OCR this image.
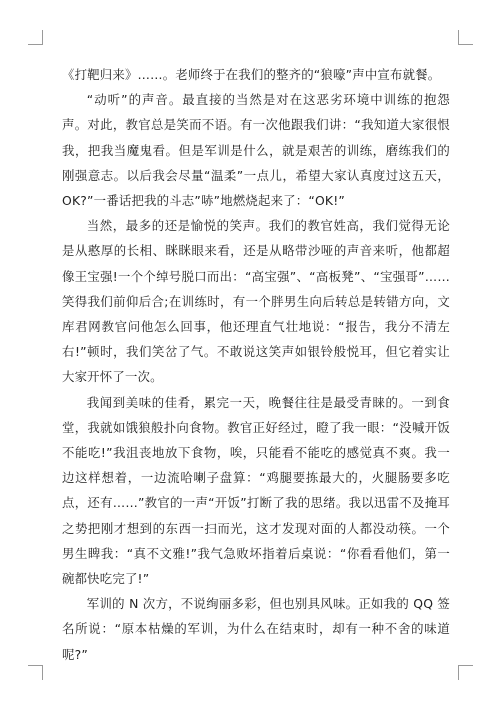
《打靶归来》……。老师终于在我们的整齐的“狼嚎”声中宣布就餐。

“动听”的声音。最直接的当然是对在这恶劣环境中训练的抱怨声。对此，教官总是笑而不语。有一次他跟我们讲：“我知道大家很恨我，把我当魔鬼看。但是军训是什么，就是艰苦的训练，磨练我们的刚强意志。以后我会尽量“温柔”一点儿，希望大家认真度过这五天，OK?”一番话把我的斗志”哧”地燃烧起来了：“OK!”

当然，最多的还是愉悦的笑声。我们的教官姓高，我们觉得无论是从憨厚的长相、眯眯眼来看，还是从略带沙哑的声音来听，他都超像王宝强!一个个绰号脱口而出：“高宝强”、“高板凳”、“宝强哥”……笑得我们前仰后合;在训练时，有一个胖男生向后转总是转错方向，文库君网教官问他怎么回事，他还理直气壮地说：“报告，我分不清左右!”顿时，我们笑岔了气。不敢说这笑声如银铃般悦耳，但它着实让大家开怀了一次。

我闻到美味的佳肴，累完一天，晚餐往往是最受青睐的。一到食堂，我就如饿狼般扑向食物。教官正好经过，瞪了我一眼：“没喊开饭不能吃!”我沮丧地放下食物，唉，只能看不能吃的感觉真不爽。我一边这样想着，一边流哈喇子盘算：“鸡腿要拣最大的，火腿肠要多吃点，还有……”教官的一声“开饭”打断了我的思绪。我以迅雷不及掩耳之势把刚才想到的东西一扫而光，这才发现对面的人都没动筷。一个男生睥我：“真不文雅!”我气急败坏指着后桌说：“你看看他们，第一碗都快吃完了!”

军训的 N 次方，不说绚丽多彩，但也别具风味。正如我的 QQ 签名所说：“原本枯燥的军训，为什么在结束时，却有一种不舍的味道呢?”
